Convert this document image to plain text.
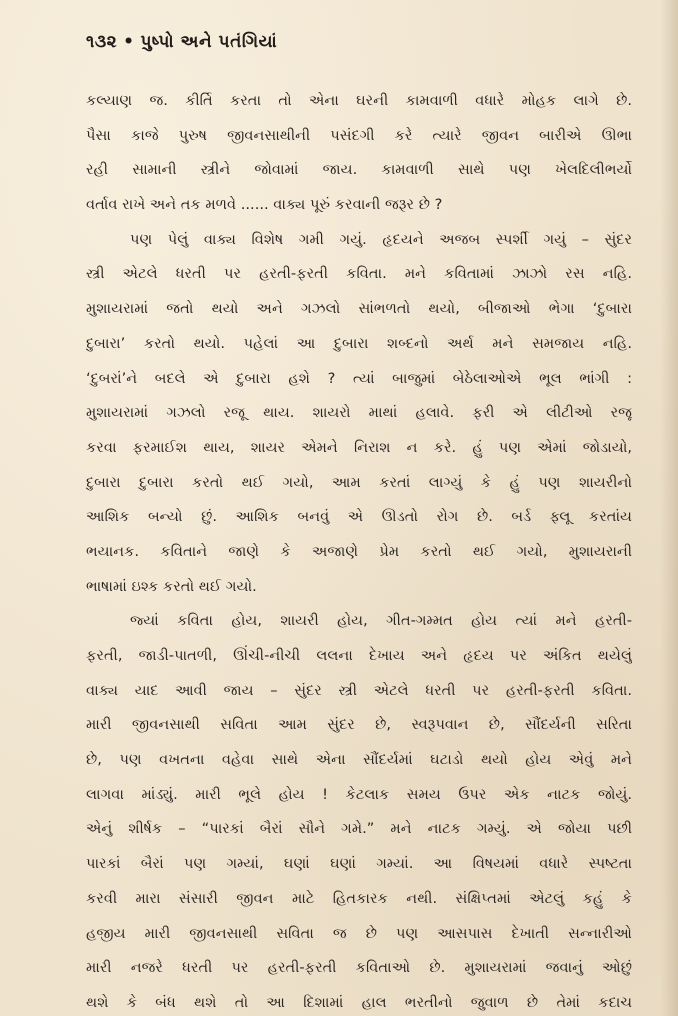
૧૩૨ • પુષ્પો અને પતંગિયાં

કલ્યાણ જ. કીર્તિ કરતા તો એના ઘરની કામવાળી વધારે મોહક લાગે છે.
પૈસા કાજે પુરુષ જીવનસાથીની પસંદગી કરે ત્યારે જીવન બારીએ ઊભા
રહી સામાની સ્ત્રીને જોવામાં જાય. કામવાળી સાથે પણ ખેલદિલીભર્યો
વર્તાવ રાખે અને તક મળવે ...... વાક્ય પૂરું કરવાની જરૂર છે ?

પણ પેલું વાક્ય વિશેષ ગમી ગયું. હૃદયને અજબ સ્પર્શી ગયું – સુંદર
સ્ત્રી એટલે ધરતી પર હરતી-ફરતી કવિતા. મને કવિતામાં ઝાઝો રસ નહિ.
મુશાયરામાં જતો થયો અને ગઝલો સાંભળતો થયો, બીજાઓ ભેગા ‘દુબારા
દુબારા’ કરતો થયો. પહેલાં આ દુબારા શબ્દનો અર્થ મને સમજાય નહિ.
‘દુબરાં’ને બદલે એ દુબારા હશે ? ત્યાં બાજુમાં બેઠેલાઓએ ભૂલ ભાંગી :
મુશાયરામાં ગઝલો રજૂ થાય. શાયરો માથાં હલાવે. ફરી એ લીટીઓ રજૂ
કરવા ફરમાઈશ થાય, શાયર એમને નિરાશ ન કરે. હું પણ એમાં જોડાયો,
દુબારા દુબારા કરતો થઈ ગયો, આમ કરતાં લાગ્યું કે હું પણ શાયરીનો
આશિક બન્યો છું. આશિક બનવું એ ઊડતો રોગ છે. બર્ડ ફ્લૂ કરતાંય
ભયાનક. કવિતાને જાણે કે અજાણે પ્રેમ કરતો થઈ ગયો, મુશાયરાની
ભાષામાં ઇશ્ક કરતો થઈ ગયો.

જ્યાં કવિતા હોય, શાયરી હોય, ગીત-ગમ્મત હોય ત્યાં મને હરતી-
ફરતી, જાડી-પાતળી, ઊંચી-નીચી લલના દેખાય અને હૃદય પર અંકિત થયેલું
વાક્ય યાદ આવી જાય – સુંદર સ્ત્રી એટલે ધરતી પર હરતી-ફરતી કવિતા.
મારી જીવનસાથી સવિતા આમ સુંદર છે, સ્વરૂપવાન છે, સૌંદર્યની સરિતા
છે, પણ વખતના વહેવા સાથે એના સૌંદર્યમાં ઘટાડો થયો હોય એવું મને
લાગવા માંડ્યું. મારી ભૂલે હોય ! કેટલાક સમય ઉપર એક નાટક જોયું.
એનું શીર્ષક – “પારકાં બૈરાં સૌને ગમે.” મને નાટક ગમ્યું. એ જોયા પછી
પારકાં બૈરાં પણ ગમ્યાં, ઘણાં ઘણાં ગમ્યાં. આ વિષયમાં વધારે સ્પષ્ટતા
કરવી મારા સંસારી જીવન માટે હિતકારક નથી. સંક્ષિપ્તમાં એટલું કહું કે
હજીય મારી જીવનસાથી સવિતા જ છે પણ આસપાસ દેખાતી સન્નારીઓ
મારી નજરે ધરતી પર હરતી-ફરતી કવિતાઓ છે. મુશાયરામાં જવાનું ઓછું
થશે કે બંધ થશે તો આ દિશામાં હાલ ભરતીનો જુવાળ છે તેમાં કદાચ
